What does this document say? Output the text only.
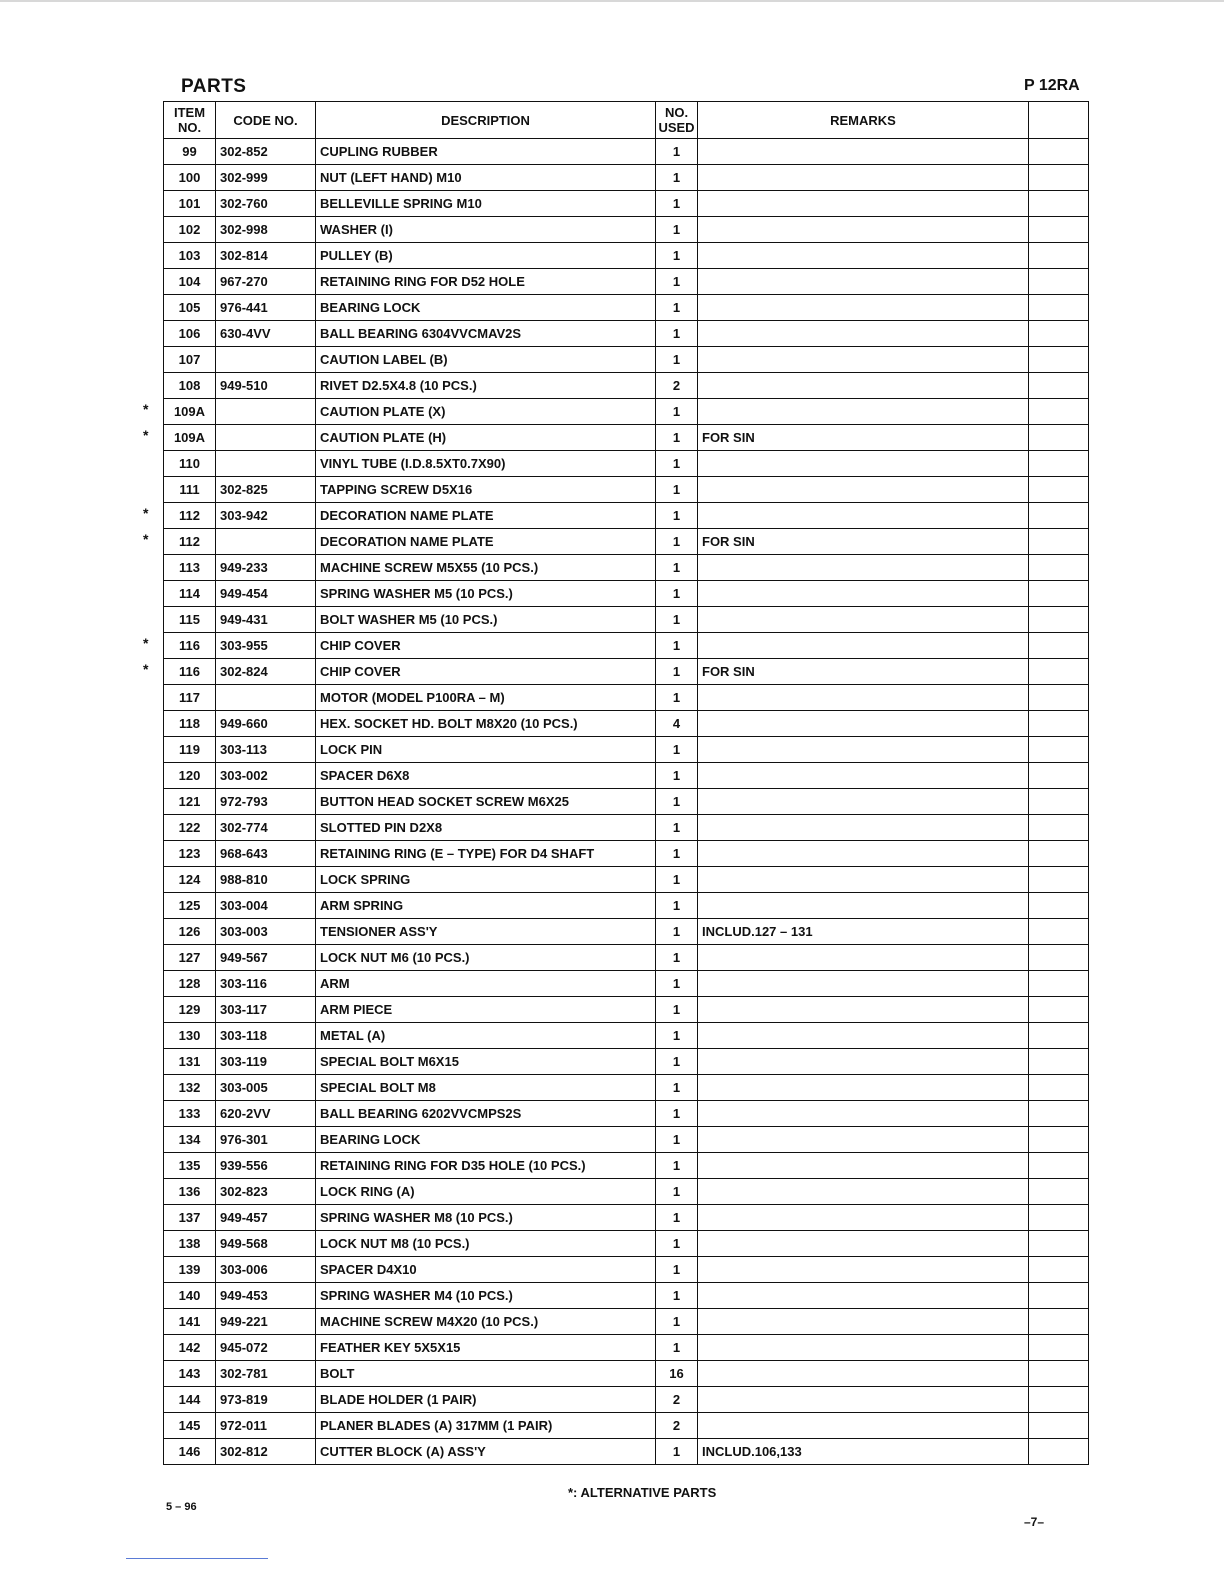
PARTS	P 12RA
*
*
*
*
*
*
ITEM NO.	CODE NO.	DESCRIPTION	NO. USED	REMARKS	
99	302-852	CUPLING RUBBER	1		
100	302-999	NUT (LEFT HAND) M10	1		
101	302-760	BELLEVILLE SPRING M10	1		
102	302-998	WASHER (I)	1		
103	302-814	PULLEY (B)	1		
104	967-270	RETAINING RING FOR D52 HOLE	1		
105	976-441	BEARING LOCK	1		
106	630-4VV	BALL BEARING 6304VVCMAV2S	1		
107		CAUTION LABEL (B)	1		
108	949-510	RIVET D2.5X4.8 (10 PCS.)	2		
109A		CAUTION PLATE (X)	1		
109A		CAUTION PLATE (H)	1	FOR SIN	
110		VINYL TUBE (I.D.8.5XT0.7X90)	1		
111	302-825	TAPPING SCREW D5X16	1		
112	303-942	DECORATION NAME PLATE	1		
112		DECORATION NAME PLATE	1	FOR SIN	
113	949-233	MACHINE SCREW M5X55 (10 PCS.)	1		
114	949-454	SPRING WASHER M5 (10 PCS.)	1		
115	949-431	BOLT WASHER M5 (10 PCS.)	1		
116	303-955	CHIP COVER	1		
116	302-824	CHIP COVER	1	FOR SIN	
117		MOTOR (MODEL P100RA – M)	1		
118	949-660	HEX. SOCKET HD. BOLT M8X20 (10 PCS.)	4		
119	303-113	LOCK PIN	1		
120	303-002	SPACER D6X8	1		
121	972-793	BUTTON HEAD SOCKET SCREW M6X25	1		
122	302-774	SLOTTED PIN D2X8	1		
123	968-643	RETAINING RING (E – TYPE) FOR D4 SHAFT	1		
124	988-810	LOCK SPRING	1		
125	303-004	ARM SPRING	1		
126	303-003	TENSIONER ASS'Y	1	INCLUD.127 – 131	
127	949-567	LOCK NUT M6 (10 PCS.)	1		
128	303-116	ARM	1		
129	303-117	ARM PIECE	1		
130	303-118	METAL (A)	1		
131	303-119	SPECIAL BOLT M6X15	1		
132	303-005	SPECIAL BOLT M8	1		
133	620-2VV	BALL BEARING 6202VVCMPS2S	1		
134	976-301	BEARING LOCK	1		
135	939-556	RETAINING RING FOR D35 HOLE (10 PCS.)	1		
136	302-823	LOCK RING (A)	1		
137	949-457	SPRING WASHER M8 (10 PCS.)	1		
138	949-568	LOCK NUT M8 (10 PCS.)	1		
139	303-006	SPACER D4X10	1		
140	949-453	SPRING WASHER M4 (10 PCS.)	1		
141	949-221	MACHINE SCREW M4X20 (10 PCS.)	1		
142	945-072	FEATHER KEY 5X5X15	1		
143	302-781	BOLT	16		
144	973-819	BLADE HOLDER (1 PAIR)	2		
145	972-011	PLANER BLADES (A) 317MM (1 PAIR)	2		
146	302-812	CUTTER BLOCK (A) ASS'Y	1	INCLUD.106,133	
*: ALTERNATIVE PARTS
5 – 96
–7–
